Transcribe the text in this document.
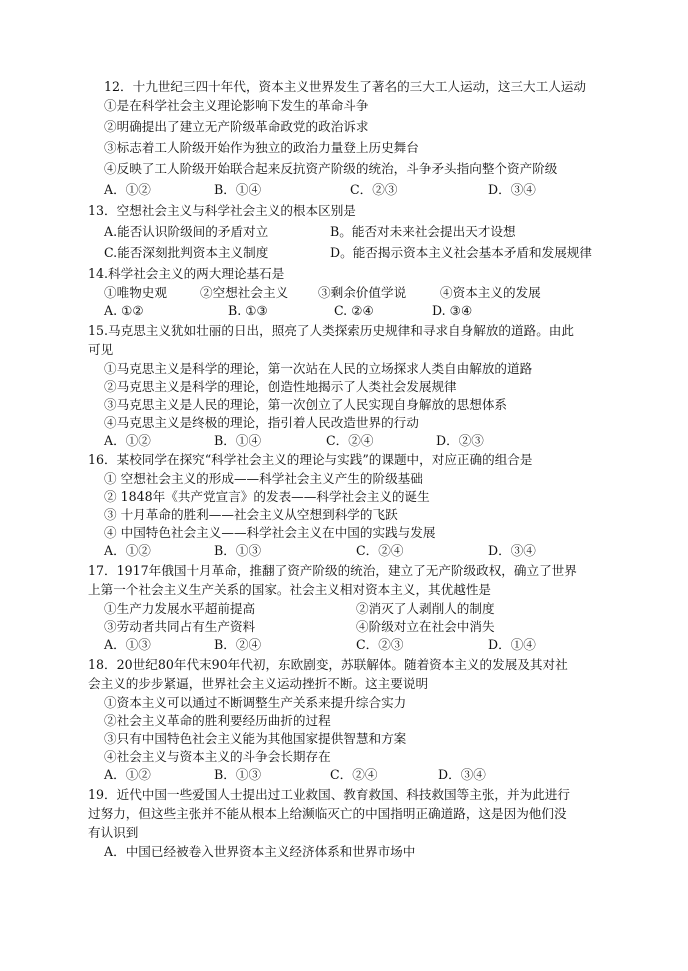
12．十九世纪三四十年代，资本主义世界发生了著名的三大工人运动，这三大工人运动
①是在科学社会主义理论影响下发生的革命斗争
②明确提出了建立无产阶级革命政党的政治诉求
③标志着工人阶级开始作为独立的政治力量登上历史舞台
④反映了工人阶级开始联合起来反抗资产阶级的统治，斗争矛头指向整个资产阶级
A．①②	B．①④	C．②③	D．③④
13．空想社会主义与科学社会主义的根本区别是
A.能否认识阶级间的矛盾对立	B。能否对未来社会提出天才设想
C.能否深刻批判资本主义制度	D。能否揭示资本主义社会基本矛盾和发展规律
14.科学社会主义的两大理论基石是
①唯物史观	②空想社会主义 ③剩余价值学说	④资本主义的发展
A. ①②	B. ①③	C. ②④	D. ③④
15.马克思主义犹如壮丽的日出，照亮了人类探索历史规律和寻求自身解放的道路。由此
可见
①马克思主义是科学的理论，第一次站在人民的立场探求人类自由解放的道路
②马克思主义是科学的理论，创造性地揭示了人类社会发展规律
③马克思主义是人民的理论，第一次创立了人民实现自身解放的思想体系
④马克思主义是终极的理论，指引着人民改造世界的行动
A．①②	B．①④	C．②④	D．②③
16．某校同学在探究“科学社会主义的理论与实践”的课题中，对应正确的组合是
① 空想社会主义的形成——科学社会主义产生的阶级基础
② 1848年《共产党宣言》的发表——科学社会主义的诞生
③ 十月革命的胜利——社会主义从空想到科学的飞跃
④ 中国特色社会主义——科学社会主义在中国的实践与发展
A．①②	B．①③	C．②④	D．③④
17．1917年俄国十月革命，推翻了资产阶级的统治，建立了无产阶级政权，确立了世界
上第一个社会主义生产关系的国家。社会主义相对资本主义，其优越性是
①生产力发展水平超前提高	②消灭了人剥削人的制度
③劳动者共同占有生产资料	④阶级对立在社会中消失
A．①③	B．②④	C．②③	D．①④
18．20世纪80年代末90年代初，东欧剧变，苏联解体。随着资本主义的发展及其对社
会主义的步步紧逼，世界社会主义运动挫折不断。这主要说明
①资本主义可以通过不断调整生产关系来提升综合实力
②社会主义革命的胜利要经历曲折的过程
③只有中国特色社会主义能为其他国家提供智慧和方案
④社会主义与资本主义的斗争会长期存在
A．①②	B．①③	C．②④	D．③④
19．近代中国一些爱国人士提出过工业救国、教育救国、科技救国等主张，并为此进行
过努力，但这些主张并不能从根本上给濒临灭亡的中国指明正确道路，这是因为他们没
有认识到
A．中国已经被卷入世界资本主义经济体系和世界市场中
